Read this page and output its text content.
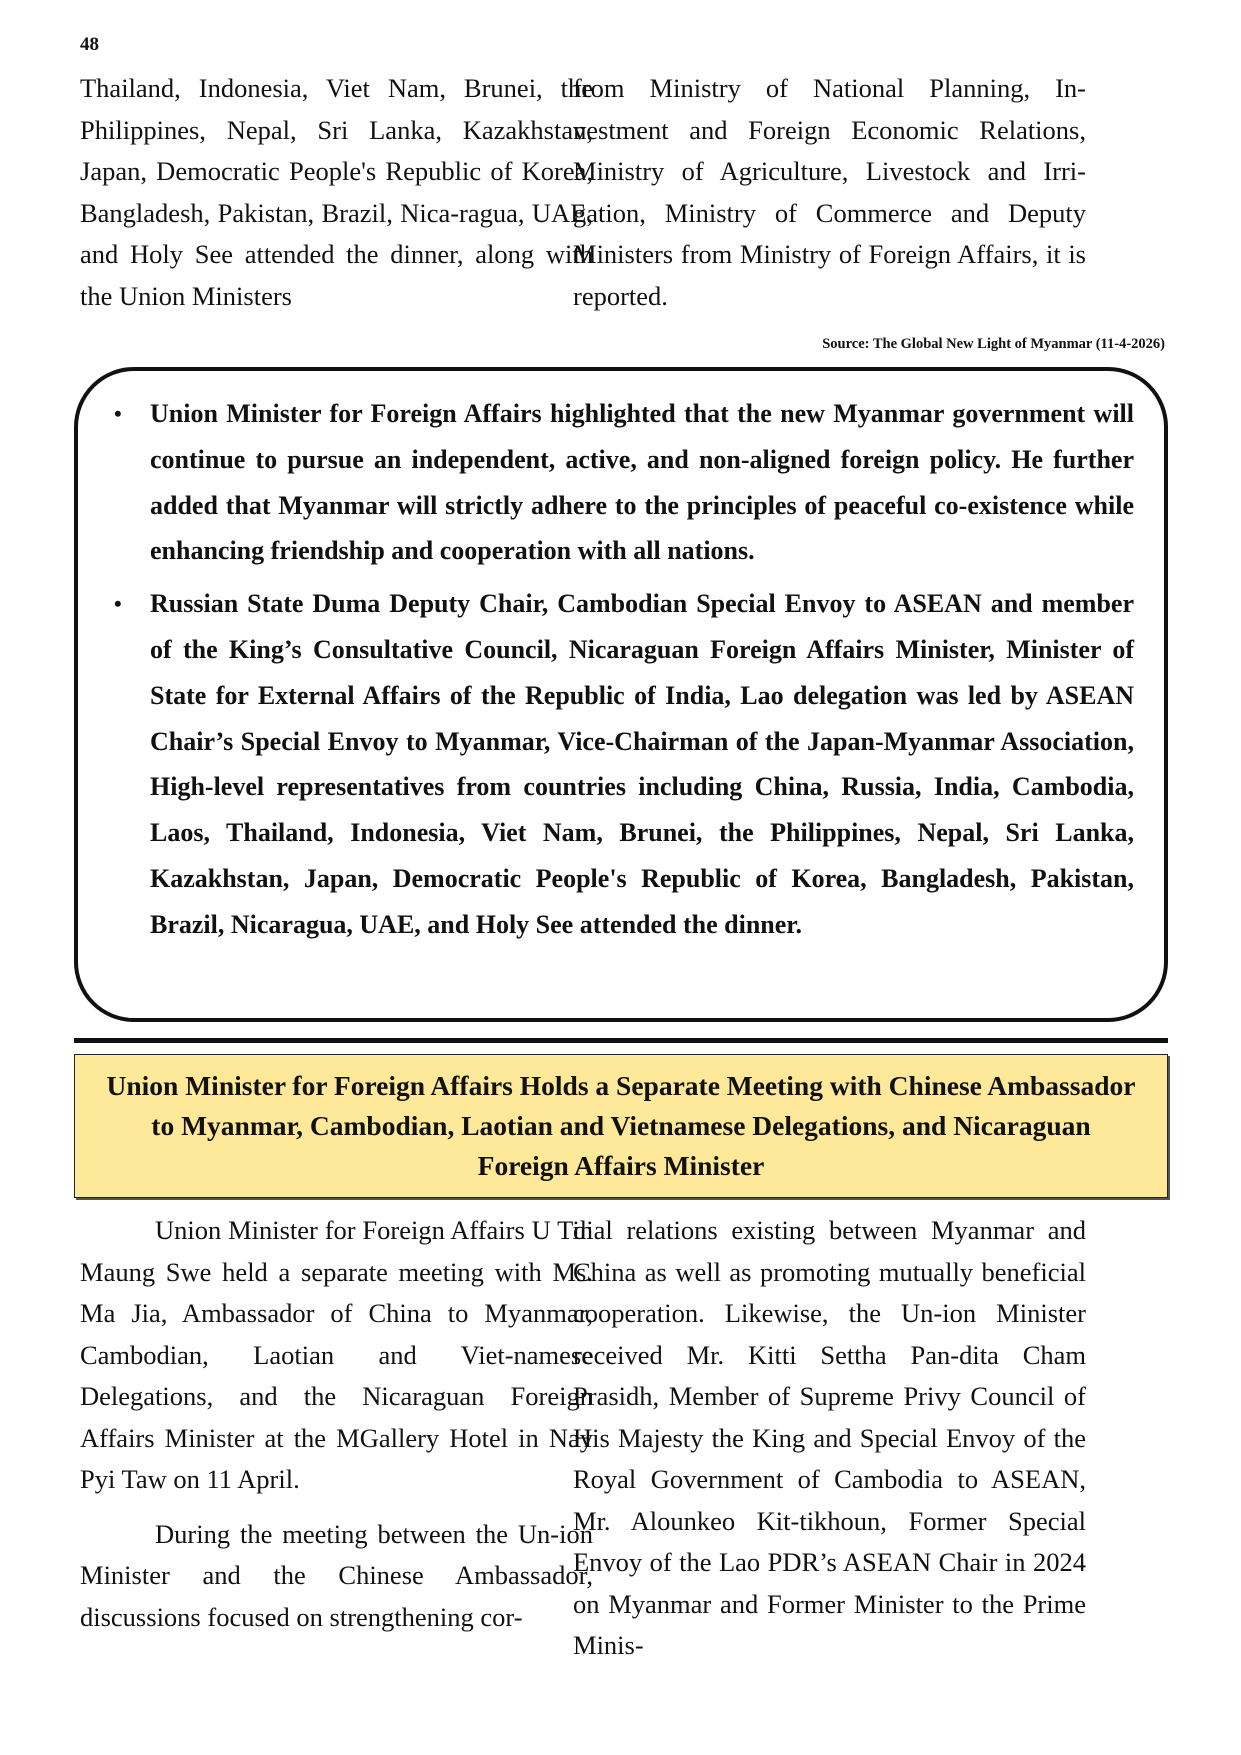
48

Thailand, Indonesia, Viet Nam, Brunei, the Philippines, Nepal, Sri Lanka, Kazakhstan, Japan, Democratic People's Republic of Korea, Bangladesh, Pakistan, Brazil, Nica-ragua, UAE, and Holy See attended the dinner, along with the Union Ministers

from Ministry of National Planning, In-vestment and Foreign Economic Relations, Ministry of Agriculture, Livestock and Irri-gation, Ministry of Commerce and Deputy Ministers from Ministry of Foreign Affairs, it is reported.

Source: The Global New Light of Myanmar (11-4-2026)
• Union Minister for Foreign Affairs highlighted that the new Myanmar government will continue to pursue an independent, active, and non-aligned foreign policy. He further added that Myanmar will strictly adhere to the principles of peaceful co-existence while enhancing friendship and cooperation with all nations.
• Russian State Duma Deputy Chair, Cambodian Special Envoy to ASEAN and member of the King’s Consultative Council, Nicaraguan Foreign Affairs Minister, Minister of State for External Affairs of the Republic of India, Lao delegation was led by ASEAN Chair’s Special Envoy to Myanmar, Vice-Chairman of the Japan-Myanmar Association, High-level representatives from countries including China, Russia, India, Cambodia, Laos, Thailand, Indonesia, Viet Nam, Brunei, the Philippines, Nepal, Sri Lanka, Kazakhstan, Japan, Democratic People's Republic of Korea, Bangladesh, Pakistan, Brazil, Nicaragua, UAE, and Holy See attended the dinner.
Union Minister for Foreign Affairs Holds a Separate Meeting with Chinese Ambassador to Myanmar, Cambodian, Laotian and Vietnamese Delegations, and Nicaraguan Foreign Affairs Minister

Union Minister for Foreign Affairs U Tin Maung Swe held a separate meeting with Ms. Ma Jia, Ambassador of China to Myanmar, Cambodian, Laotian and Viet-namese Delegations, and the Nicaraguan Foreign Affairs Minister at the MGallery Hotel in Nay Pyi Taw on 11 April.

During the meeting between the Un-ion Minister and the Chinese Ambassador, discussions focused on strengthening cor-

dial relations existing between Myanmar and China as well as promoting mutually beneficial cooperation. Likewise, the Un-ion Minister received Mr. Kitti Settha Pan-dita Cham Prasidh, Member of Supreme Privy Council of His Majesty the King and Special Envoy of the Royal Government of Cambodia to ASEAN, Mr. Alounkeo Kit-tikhoun, Former Special Envoy of the Lao PDR’s ASEAN Chair in 2024 on Myanmar and Former Minister to the Prime Minis-
